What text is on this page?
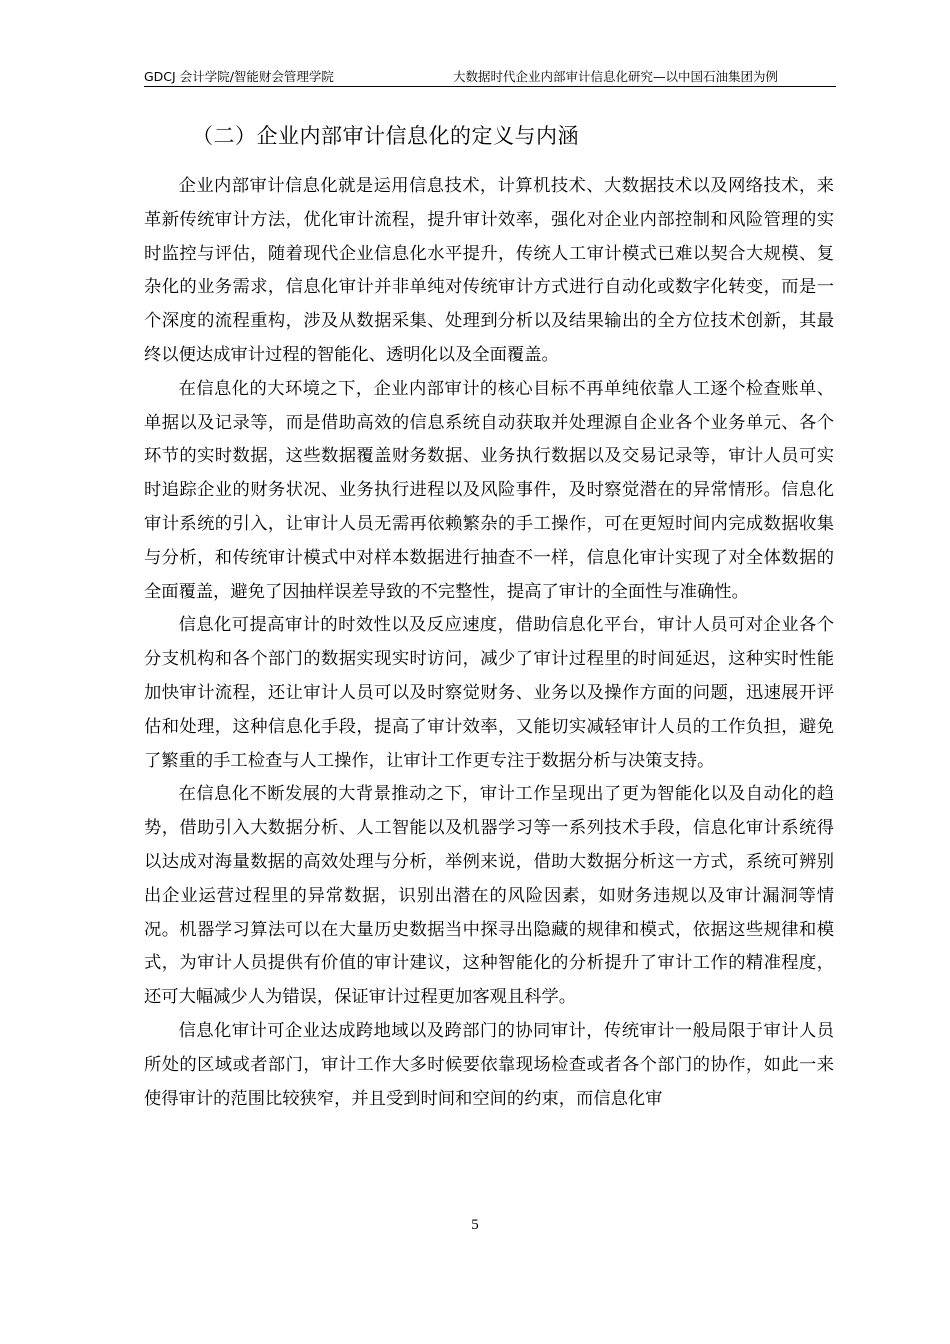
GDCJ 会计学院/智能财会管理学院	大数据时代企业内部审计信息化研究—以中国石油集团为例
（二）企业内部审计信息化的定义与内涵

企业内部审计信息化就是运用信息技术，计算机技术、大数据技术以及网络技术，来革新传统审计方法，优化审计流程，提升审计效率，强化对企业内部控制和风险管理的实时监控与评估，随着现代企业信息化水平提升，传统人工审计模式已难以契合大规模、复杂化的业务需求，信息化审计并非单纯对传统审计方式进行自动化或数字化转变，而是一个深度的流程重构，涉及从数据采集、处理到分析以及结果输出的全方位技术创新，其最终以便达成审计过程的智能化、透明化以及全面覆盖。

在信息化的大环境之下，企业内部审计的核心目标不再单纯依靠人工逐个检查账单、单据以及记录等，而是借助高效的信息系统自动获取并处理源自企业各个业务单元、各个环节的实时数据，这些数据覆盖财务数据、业务执行数据以及交易记录等，审计人员可实时追踪企业的财务状况、业务执行进程以及风险事件，及时察觉潜在的异常情形。信息化审计系统的引入，让审计人员无需再依赖繁杂的手工操作，可在更短时间内完成数据收集与分析，和传统审计模式中对样本数据进行抽查不一样，信息化审计实现了对全体数据的全面覆盖，避免了因抽样误差导致的不完整性，提高了审计的全面性与准确性。

信息化可提高审计的时效性以及反应速度，借助信息化平台，审计人员可对企业各个分支机构和各个部门的数据实现实时访问，减少了审计过程里的时间延迟，这种实时性能加快审计流程，还让审计人员可以及时察觉财务、业务以及操作方面的问题，迅速展开评估和处理，这种信息化手段，提高了审计效率，又能切实减轻审计人员的工作负担，避免了繁重的手工检查与人工操作，让审计工作更专注于数据分析与决策支持。

在信息化不断发展的大背景推动之下，审计工作呈现出了更为智能化以及自动化的趋势，借助引入大数据分析、人工智能以及机器学习等一系列技术手段，信息化审计系统得以达成对海量数据的高效处理与分析，举例来说，借助大数据分析这一方式，系统可辨别出企业运营过程里的异常数据，识别出潜在的风险因素，如财务违规以及审计漏洞等情况。机器学习算法可以在大量历史数据当中探寻出隐藏的规律和模式，依据这些规律和模式，为审计人员提供有价值的审计建议，这种智能化的分析提升了审计工作的精准程度，还可大幅减少人为错误，保证审计过程更加客观且科学。

信息化审计可企业达成跨地域以及跨部门的协同审计，传统审计一般局限于审计人员所处的区域或者部门，审计工作大多时候要依靠现场检查或者各个部门的协作，如此一来使得审计的范围比较狭窄，并且受到时间和空间的约束，而信息化审

5
